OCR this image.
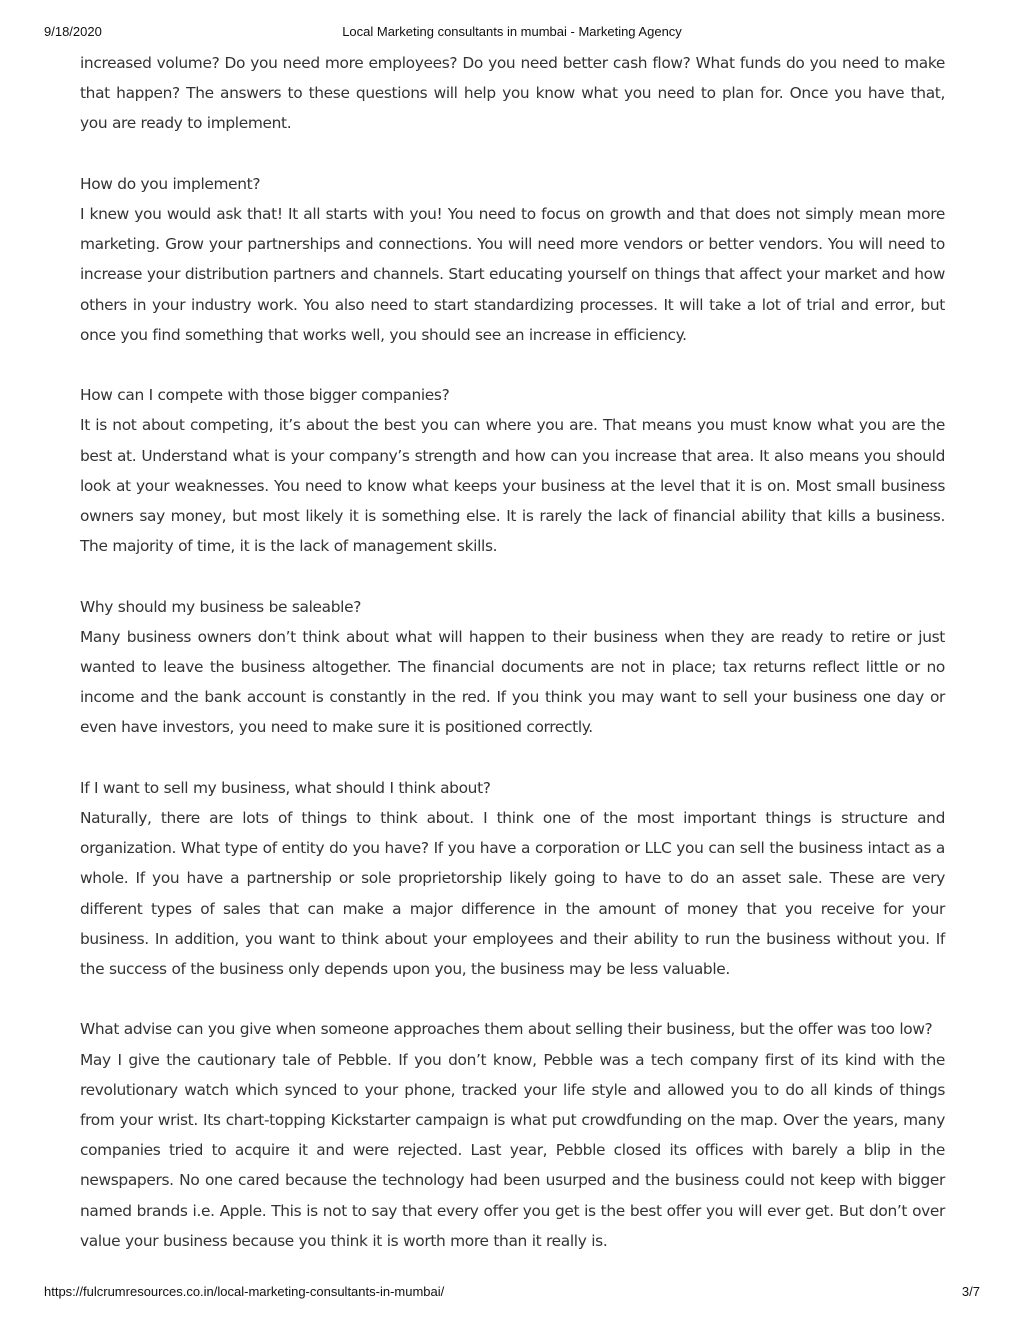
9/18/2020	Local Marketing consultants in mumbai - Marketing Agency

increased volume? Do you need more employees? Do you need better cash flow? What funds do you need to make that happen? The answers to these questions will help you know what you need to plan for. Once you have that, you are ready to implement.

How do you implement?

I knew you would ask that! It all starts with you! You need to focus on growth and that does not simply mean more marketing. Grow your partnerships and connections. You will need more vendors or better vendors. You will need to increase your distribution partners and channels. Start educating yourself on things that affect your market and how others in your industry work. You also need to start standardizing processes. It will take a lot of trial and error, but once you find something that works well, you should see an increase in efficiency.

How can I compete with those bigger companies?

It is not about competing, it’s about the best you can where you are. That means you must know what you are the best at. Understand what is your company’s strength and how can you increase that area. It also means you should look at your weaknesses. You need to know what keeps your business at the level that it is on. Most small business owners say money, but most likely it is something else. It is rarely the lack of financial ability that kills a business. The majority of time, it is the lack of management skills.

Why should my business be saleable?

Many business owners don’t think about what will happen to their business when they are ready to retire or just wanted to leave the business altogether. The financial documents are not in place; tax returns reflect little or no income and the bank account is constantly in the red. If you think you may want to sell your business one day or even have investors, you need to make sure it is positioned correctly.

If I want to sell my business, what should I think about?

Naturally, there are lots of things to think about. I think one of the most important things is structure and organization. What type of entity do you have? If you have a corporation or LLC you can sell the business intact as a whole. If you have a partnership or sole proprietorship likely going to have to do an asset sale. These are very different types of sales that can make a major difference in the amount of money that you receive for your business. In addition, you want to think about your employees and their ability to run the business without you. If the success of the business only depends upon you, the business may be less valuable.

What advise can you give when someone approaches them about selling their business, but the offer was too low?

May I give the cautionary tale of Pebble. If you don’t know, Pebble was a tech company first of its kind with the revolutionary watch which synced to your phone, tracked your life style and allowed you to do all kinds of things from your wrist. Its chart-topping Kickstarter campaign is what put crowdfunding on the map. Over the years, many companies tried to acquire it and were rejected. Last year, Pebble closed its offices with barely a blip in the newspapers. No one cared because the technology had been usurped and the business could not keep with bigger named brands i.e. Apple. This is not to say that every offer you get is the best offer you will ever get. But don’t over value your business because you think it is worth more than it really is.

https://fulcrumresources.co.in/local-marketing-consultants-in-mumbai/	3/7
